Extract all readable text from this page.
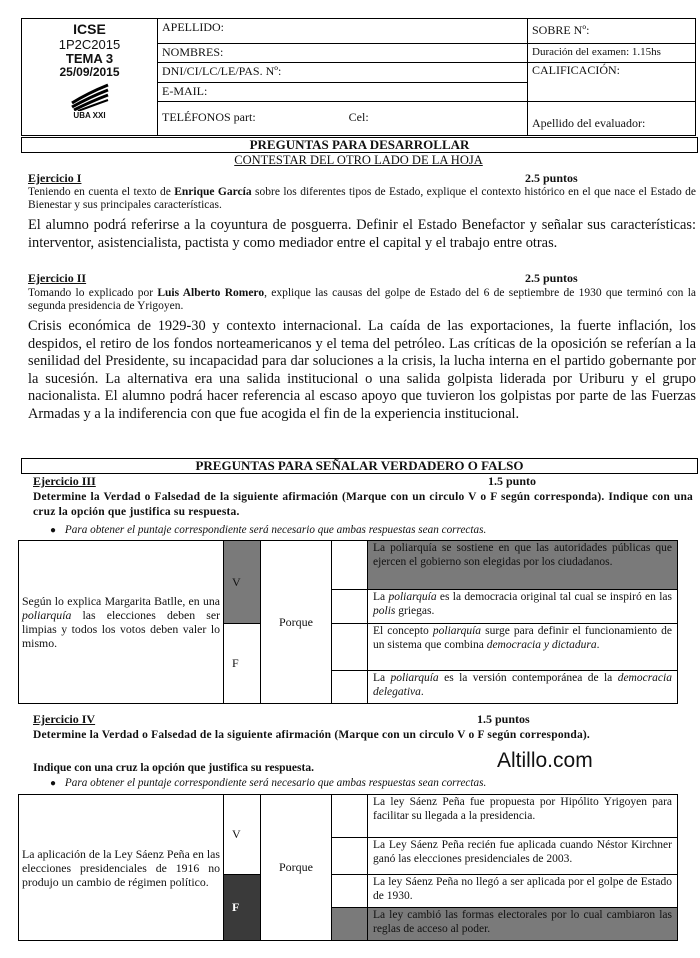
ICSE
1P2C2015
TEMA 3
25/09/2015
UBA XXI	APELLIDO:	SOBRE Nº:
	NOMBRES:	Duración del examen: 1.15hs
	DNI/CI/LC/LE/PAS. Nº:	CALIFICACIÓN:
	E-MAIL:	
	TELÉFONOS part: Cel:	Apellido del evaluador:
PREGUNTAS PARA DESARROLLAR
CONTESTAR DEL OTRO LADO DE LA HOJA
Ejercicio I	2.5 puntos
Teniendo en cuenta el texto de Enrique García sobre los diferentes tipos de Estado, explique el contexto histórico en el que nace el Estado de Bienestar y sus principales características.
El alumno podrá referirse a la coyuntura de posguerra. Definir el Estado Benefactor y señalar sus características: interventor, asistencialista, pactista y como mediador entre el capital y el trabajo entre otras.
Ejercicio II	2.5 puntos
Tomando lo explicado por Luis Alberto Romero, explique las causas del golpe de Estado del 6 de septiembre de 1930 que terminó con la segunda presidencia de Yrigoyen.
Crisis económica de 1929-30 y contexto internacional. La caída de las exportaciones, la fuerte inflación, los despidos, el retiro de los fondos norteamericanos y el tema del petróleo. Las críticas de la oposición se referían a la senilidad del Presidente, su incapacidad para dar soluciones a la crisis, la lucha interna en el partido gobernante por la sucesión. La alternativa era una salida institucional o una salida golpista liderada por Uriburu y el grupo nacionalista. El alumno podrá hacer referencia al escaso apoyo que tuvieron los golpistas por parte de las Fuerzas Armadas y a la indiferencia con que fue acogida el fin de la experiencia institucional.
PREGUNTAS PARA SEÑALAR VERDADERO O FALSO
Ejercicio III	1.5 punto
Determine la Verdad o Falsedad de la siguiente afirmación (Marque con un circulo V o F según corresponda). Indique con una cruz la opción que justifica su respuesta.
● Para obtener el puntaje correspondiente será necesario que ambas respuestas sean correctas.
Según lo explica Margarita Batlle, en una poliarquía las elecciones deben ser limpias y todos los votos deben valer lo mismo.	V	Porque		La poliarquía se sostiene en que las autoridades públicas que ejercen el gobierno son elegidas por los ciudadanos.
				La poliarquía es la democracia original tal cual se inspiró en las polis griegas.
	F			El concepto poliarquía surge para definir el funcionamiento de un sistema que combina democracia y dictadura.
				La poliarquía es la versión contemporánea de la democracia delegativa.
Ejercicio IV	1.5 puntos
Determine la Verdad o Falsedad de la siguiente afirmación (Marque con un circulo V o F según corresponda).
Indique con una cruz la opción que justifica su respuesta.	Altillo.com
● Para obtener el puntaje correspondiente será necesario que ambas respuestas sean correctas.
La aplicación de la Ley Sáenz Peña en las elecciones presidenciales de 1916 no produjo un cambio de régimen político.	V	Porque		La ley Sáenz Peña fue propuesta por Hipólito Yrigoyen para facilitar su llegada a la presidencia.
				La Ley Sáenz Peña recién fue aplicada cuando Néstor Kirchner ganó las elecciones presidenciales de 2003.
	F			La ley Sáenz Peña no llegó a ser aplicada por el golpe de Estado de 1930.
				La ley cambió las formas electorales por lo cual cambiaron las reglas de acceso al poder.
